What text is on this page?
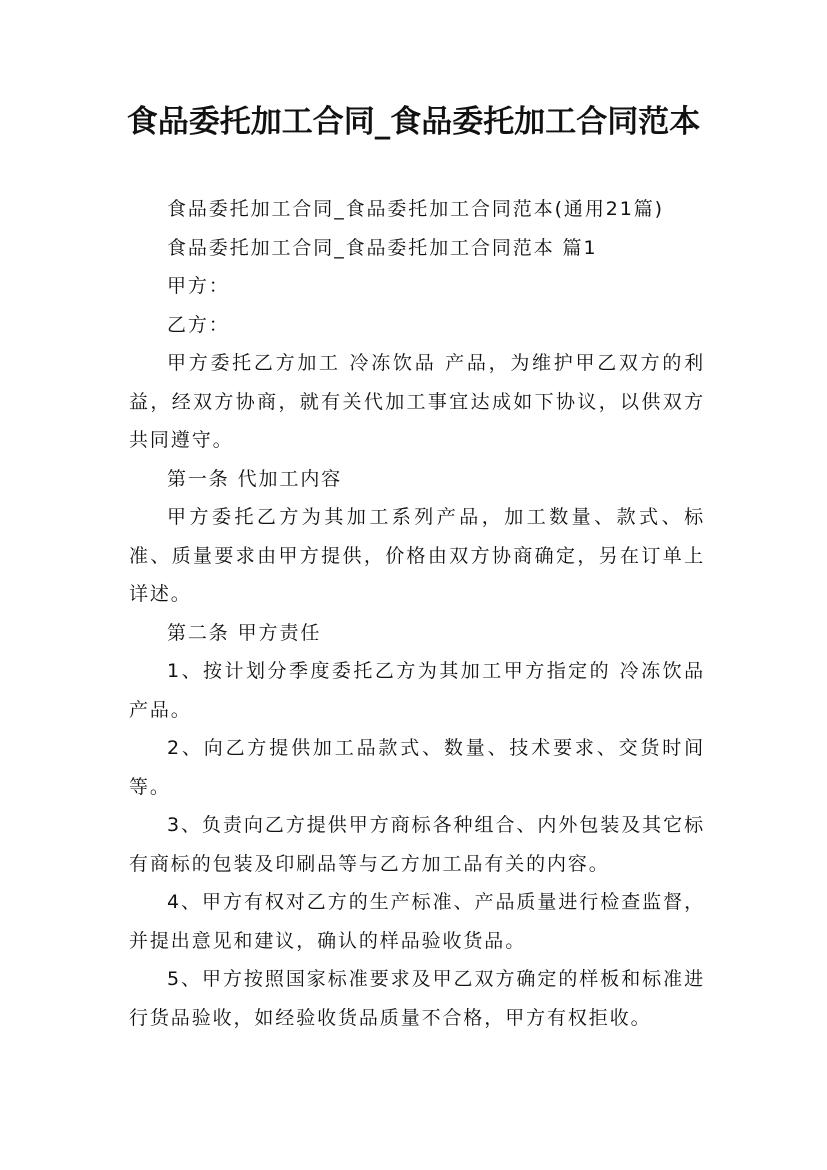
食品委托加工合同_食品委托加工合同范本

食品委托加工合同_食品委托加工合同范本(通用21篇)

食品委托加工合同_食品委托加工合同范本 篇1

甲方：

乙方：

甲方委托乙方加工 冷冻饮品 产品，为维护甲乙双方的利益，经双方协商，就有关代加工事宜达成如下协议，以供双方共同遵守。

第一条 代加工内容

甲方委托乙方为其加工系列产品，加工数量、款式、标准、质量要求由甲方提供，价格由双方协商确定，另在订单上详述。

第二条 甲方责任

1、按计划分季度委托乙方为其加工甲方指定的 冷冻饮品 产品。

2、向乙方提供加工品款式、数量、技术要求、交货时间等。

3、负责向乙方提供甲方商标各种组合、内外包装及其它标有商标的包装及印刷品等与乙方加工品有关的内容。

4、甲方有权对乙方的生产标准、产品质量进行检查监督，并提出意见和建议，确认的样品验收货品。

5、甲方按照国家标准要求及甲乙双方确定的样板和标准进行货品验收，如经验收货品质量不合格，甲方有权拒收。
